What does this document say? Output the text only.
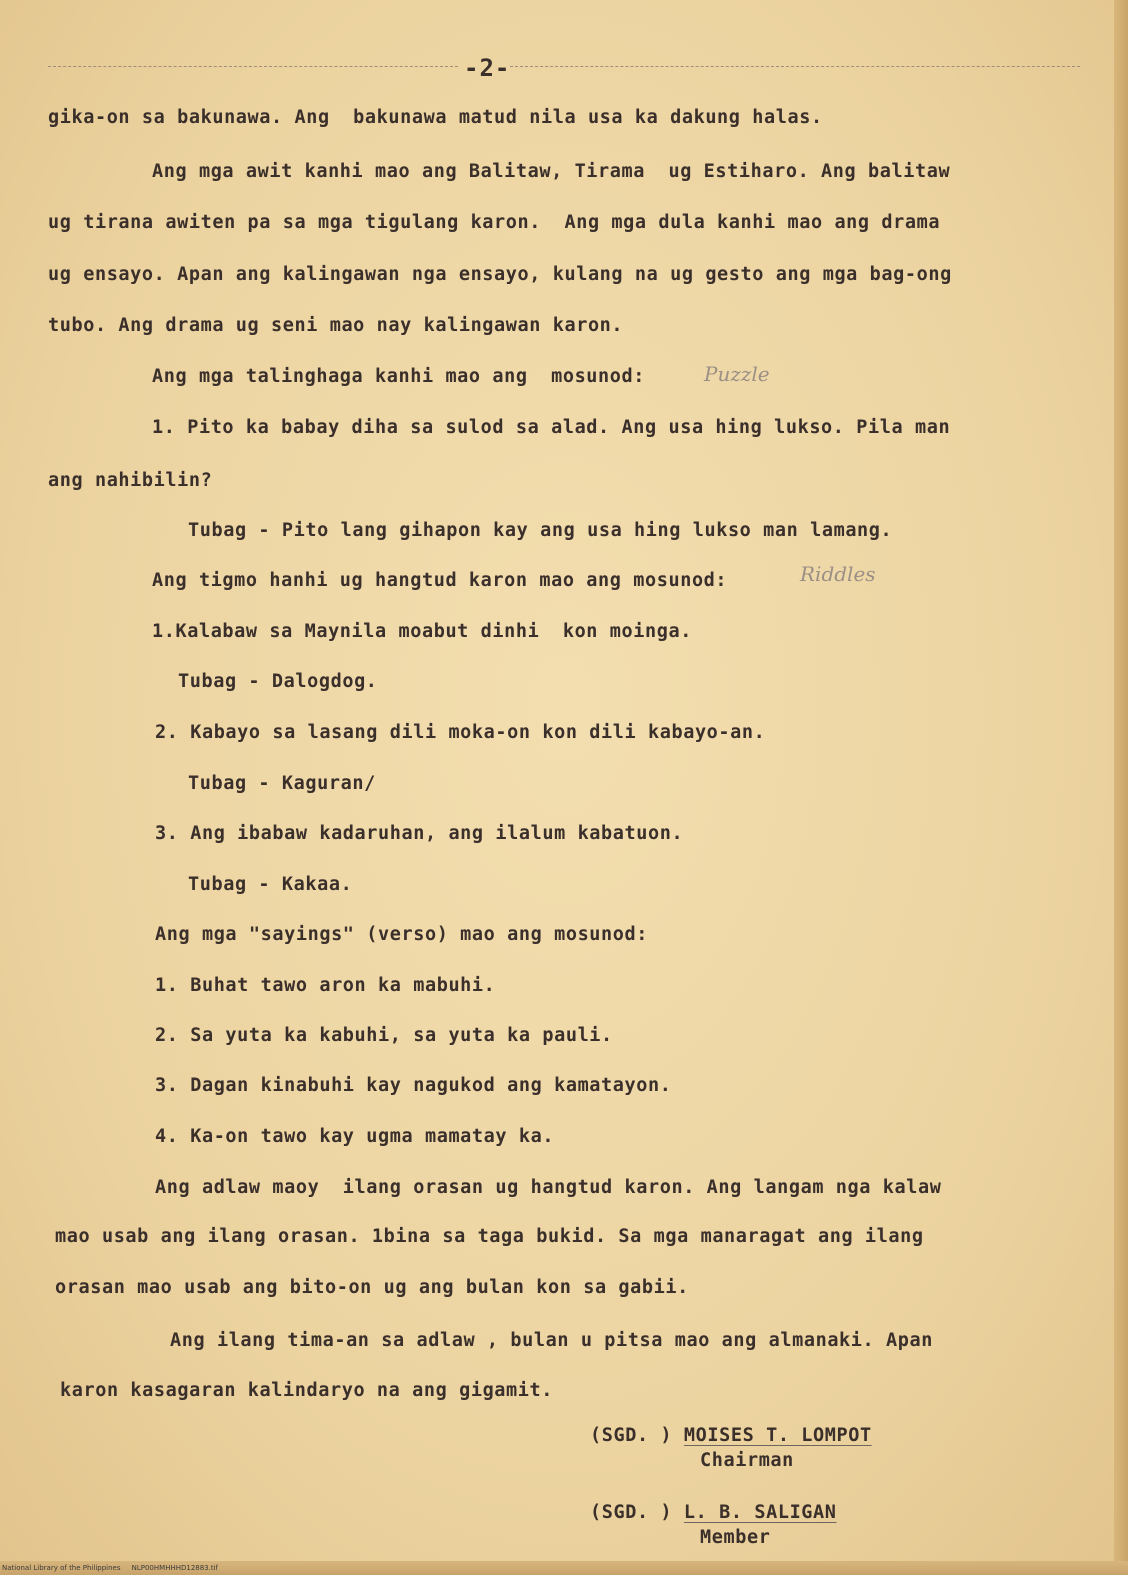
-2-
gika-on sa bakunawa. Ang  bakunawa matud nila usa ka dakung halas.
Ang mga awit kanhi mao ang Balitaw, Tirama  ug Estiharo. Ang balitaw
ug tirana awiten pa sa mga tigulang karon.  Ang mga dula kanhi mao ang drama
ug ensayo. Apan ang kalingawan nga ensayo, kulang na ug gesto ang mga bag-ong
tubo. Ang drama ug seni mao nay kalingawan karon.
Ang mga talinghaga kanhi mao ang  mosunod:	Puzzle
1. Pito ka babay diha sa sulod sa alad. Ang usa hing lukso. Pila man
ang nahibilin?
Tubag - Pito lang gihapon kay ang usa hing lukso man lamang.
Ang tigmo hanhi ug hangtud karon mao ang mosunod:	Riddles
1.Kalabaw sa Maynila moabut dinhi  kon moinga.
Tubag - Dalogdog.
2. Kabayo sa lasang dili moka-on kon dili kabayo-an.
Tubag - Kaguran/
3. Ang ibabaw kadaruhan, ang ilalum kabatuon.
Tubag - Kakaa.
Ang mga "sayings" (verso) mao ang mosunod:
1. Buhat tawo aron ka mabuhi.
2. Sa yuta ka kabuhi, sa yuta ka pauli.
3. Dagan kinabuhi kay nagukod ang kamatayon.
4. Ka-on tawo kay ugma mamatay ka.
Ang adlaw maoy  ilang orasan ug hangtud karon. Ang langam nga kalaw
mao usab ang ilang orasan. 1bina sa taga bukid. Sa mga manaragat ang ilang
orasan mao usab ang bito-on ug ang bulan kon sa gabii.
Ang ilang tima-an sa adlaw , bulan u pitsa mao ang almanaki. Apan
karon kasagaran kalindaryo na ang gigamit.
(SGD. ) MOISES T. LOMPOT
Chairman
(SGD. ) L. B. SALIGAN
Member
National Library of the Philippines     NLP00HMHHHD12883.tif
